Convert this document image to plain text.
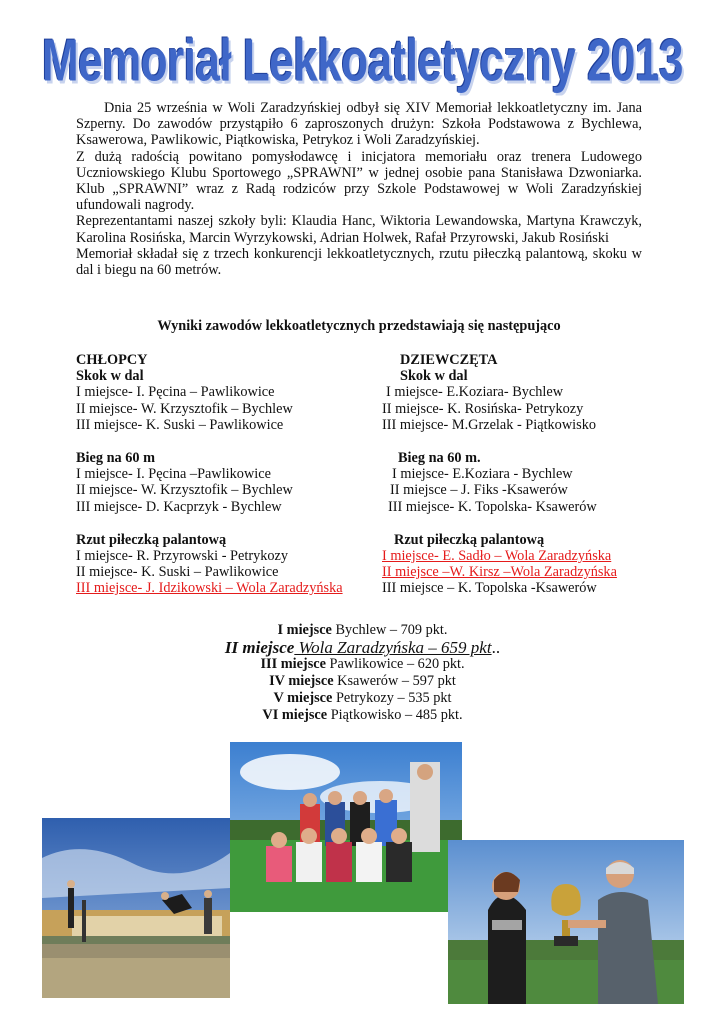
Memoriał Lekkoatletyczny 2013

Dnia 25 września w Woli Zaradzyńskiej odbył się XIV Memoriał lekkoatletyczny im. Jana Szperny. Do zawodów przystąpiło 6 zaproszonych drużyn: Szkoła Podstawowa z Bychlewa, Ksawerowa, Pawlikowic, Piątkowiska, Petrykoz i Woli Zaradzyńskiej.

Z dużą radością powitano pomysłodawcę i inicjatora memoriału oraz trenera Ludowego Uczniowskiego Klubu Sportowego „SPRAWNI” w jednej osobie pana Stanisława Dzwoniarka. Klub „SPRAWNI” wraz z Radą rodziców przy Szkole Podstawowej w Woli Zaradzyńskiej ufundowali nagrody.

Reprezentantami naszej szkoły byli: Klaudia Hanc, Wiktoria Lewandowska, Martyna Krawczyk, Karolina Rosińska, Marcin Wyrzykowski, Adrian Holwek, Rafał Przyrowski, Jakub Rosiński

Memoriał składał się z trzech konkurencji lekkoatletycznych, rzutu piłeczką palantową, skoku w dal i biegu na 60 metrów.

Wyniki zawodów lekkoatletycznych przedstawiają się następująco
CHŁOPCY
Skok w dal
I miejsce- I. Pęcina – Pawlikowice
II miejsce- W. Krzysztofik – Bychlew
III miejsce- K. Suski – Pawlikowice
Bieg na 60 m
I miejsce- I. Pęcina –Pawlikowice
II miejsce- W. Krzysztofik – Bychlew
III miejsce- D. Kacprzyk - Bychlew
Rzut piłeczką palantową
I miejsce- R. Przyrowski - Petrykozy
II miejsce- K. Suski – Pawlikowice
III miejsce- J. Idzikowski – Wola Zaradzyńska
DZIEWCZĘTA
Skok w dal
I miejsce- E.Koziara- Bychlew
II miejsce- K. Rosińska- Petrykozy
III miejsce- M.Grzelak - Piątkowisko
Bieg na 60 m.
I miejsce- E.Koziara - Bychlew
II miejsce – J. Fiks -Ksawerów
III miejsce- K. Topolska- Ksawerów
Rzut piłeczką palantową
I miejsce- E. Sadło – Wola Zaradzyńska
II miejsce –W. Kirsz –Wola Zaradzyńska
III miejsce – K. Topolska -Ksawerów
I miejsce Bychlew – 709 pkt.
II miejsce Wola Zaradzyńska – 659 pkt..
III miejsce Pawlikowice – 620 pkt.
IV miejsce Ksawerów – 597 pkt
V miejsce Petrykozy – 535 pkt
VI miejsce Piątkowisko – 485 pkt.
